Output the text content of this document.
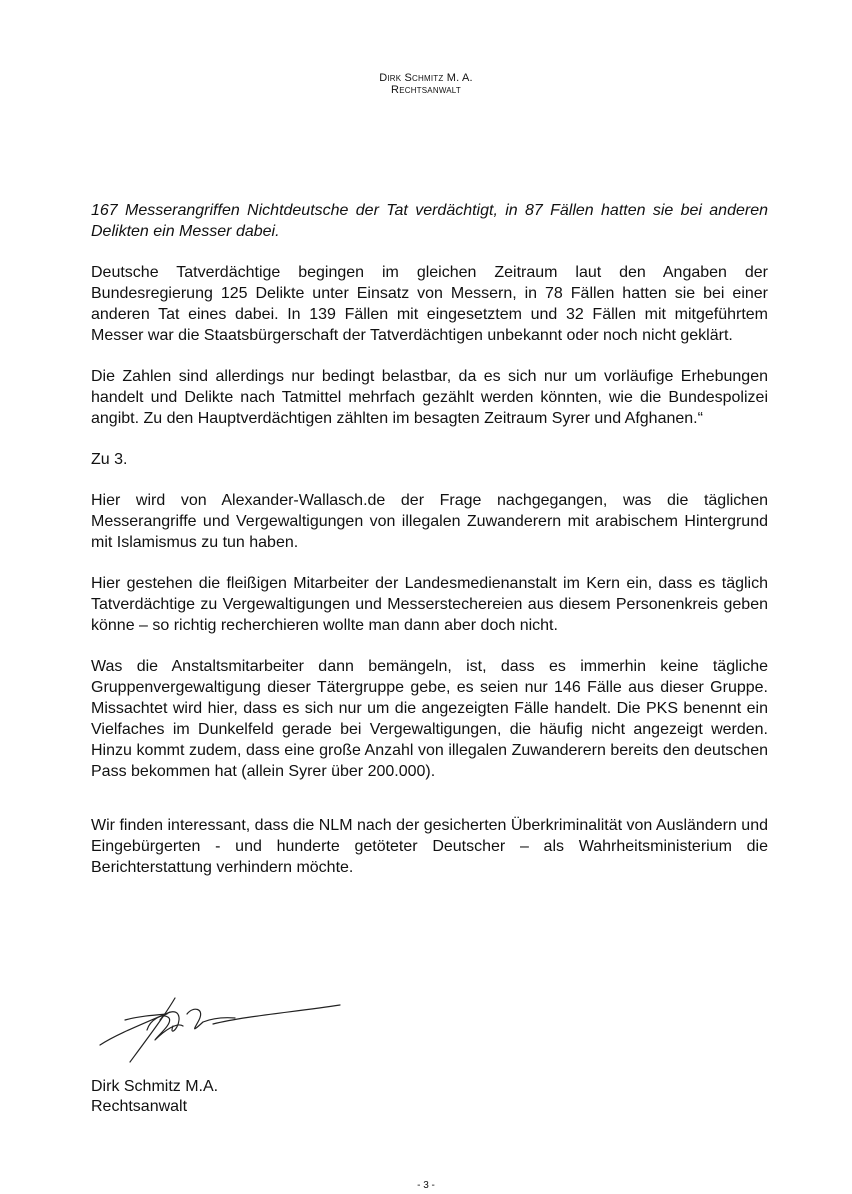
Dirk Schmitz M. A.
Rechtsanwalt

167 Messerangriffen Nichtdeutsche der Tat verdächtigt, in 87 Fällen hatten sie bei anderen Delikten ein Messer dabei.

Deutsche Tatverdächtige begingen im gleichen Zeitraum laut den Angaben der Bundesregierung 125 Delikte unter Einsatz von Messern, in 78 Fällen hatten sie bei einer anderen Tat eines dabei. In 139 Fällen mit eingesetztem und 32 Fällen mit mitgeführtem Messer war die Staatsbürgerschaft der Tatverdächtigen unbekannt oder noch nicht geklärt.

Die Zahlen sind allerdings nur bedingt belastbar, da es sich nur um vorläufige Erhebungen handelt und Delikte nach Tatmittel mehrfach gezählt werden könnten, wie die Bundespolizei angibt. Zu den Hauptverdächtigen zählten im besagten Zeitraum Syrer und Afghanen.“

Zu 3.

Hier wird von Alexander-Wallasch.de der Frage nachgegangen, was die täglichen Messerangriffe und Vergewaltigungen von illegalen Zuwanderern mit arabischem Hintergrund mit Islamismus zu tun haben.

Hier gestehen die fleißigen Mitarbeiter der Landesmedienanstalt im Kern ein, dass es täglich Tatverdächtige zu Vergewaltigungen und Messerstechereien aus diesem Personenkreis geben könne – so richtig recherchieren wollte man dann aber doch nicht.

Was die Anstaltsmitarbeiter dann bemängeln, ist, dass es immerhin keine tägliche Gruppenvergewaltigung dieser Tätergruppe gebe, es seien nur 146 Fälle aus dieser Gruppe. Missachtet wird hier, dass es sich nur um die angezeigten Fälle handelt. Die PKS benennt ein Vielfaches im Dunkelfeld gerade bei Vergewaltigungen, die häufig nicht angezeigt werden. Hinzu kommt zudem, dass eine große Anzahl von illegalen Zuwanderern bereits den deutschen Pass bekommen hat (allein Syrer über 200.000).

Wir finden interessant, dass die NLM nach der gesicherten Überkriminalität von Ausländern und Eingebürgerten - und hunderte getöteter Deutscher – als Wahrheitsministerium die Berichterstattung verhindern möchte.

Dirk Schmitz M.A.
Rechtsanwalt
- 3 -
